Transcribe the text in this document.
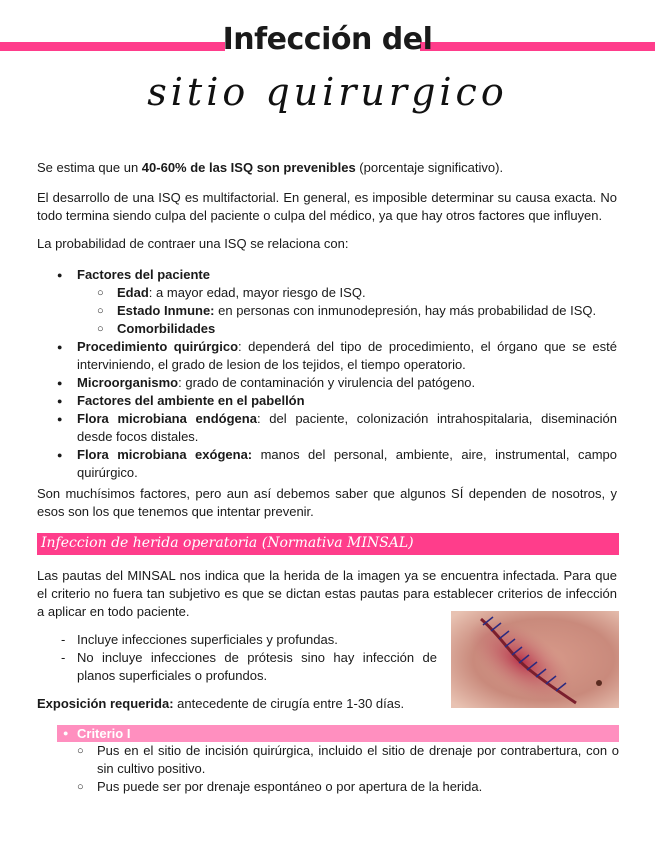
Infección del
sitio quirurgico

Se estima que un 40-60% de las ISQ son prevenibles (porcentaje significativo).

El desarrollo de una ISQ es multifactorial. En general, es imposible determinar su causa exacta. No todo termina siendo culpa del paciente o culpa del médico, ya que hay otros factores que influyen.

La probabilidad de contraer una ISQ se relaciona con:

● Factores del paciente
○ Edad: a mayor edad, mayor riesgo de ISQ.
○ Estado Inmune: en personas con inmunodepresión, hay más probabilidad de ISQ.
○ Comorbilidades
● Procedimiento quirúrgico: dependerá del tipo de procedimiento, el órgano que se esté interviniendo, el grado de lesion de los tejidos, el tiempo operatorio.
● Microorganismo: grado de contaminación y virulencia del patógeno.
● Factores del ambiente en el pabellón
● Flora microbiana endógena: del paciente, colonización intrahospitalaria, diseminación desde focos distales.
● Flora microbiana exógena: manos del personal, ambiente, aire, instrumental, campo quirúrgico.

Son muchísimos factores, pero aun así debemos saber que algunos SÍ dependen de nosotros, y esos son los que tenemos que intentar prevenir.

Infeccion de herida operatoria (Normativa MINSAL)

Las pautas del MINSAL nos indica que la herida de la imagen ya se encuentra infectada. Para que el criterio no fuera tan subjetivo es que se dictan estas pautas para establecer criterios de infección a aplicar en todo paciente.

- Incluye infecciones superficiales y profundas.
- No incluye infecciones de prótesis sino hay infección de planos superficiales o profundos.

Exposición requerida: antecedente de cirugía entre 1-30 días.

● Criterio I
○ Pus en el sitio de incisión quirúrgica, incluido el sitio de drenaje por contrabertura, con o sin cultivo positivo.
○ Pus puede ser por drenaje espontáneo o por apertura de la herida.
